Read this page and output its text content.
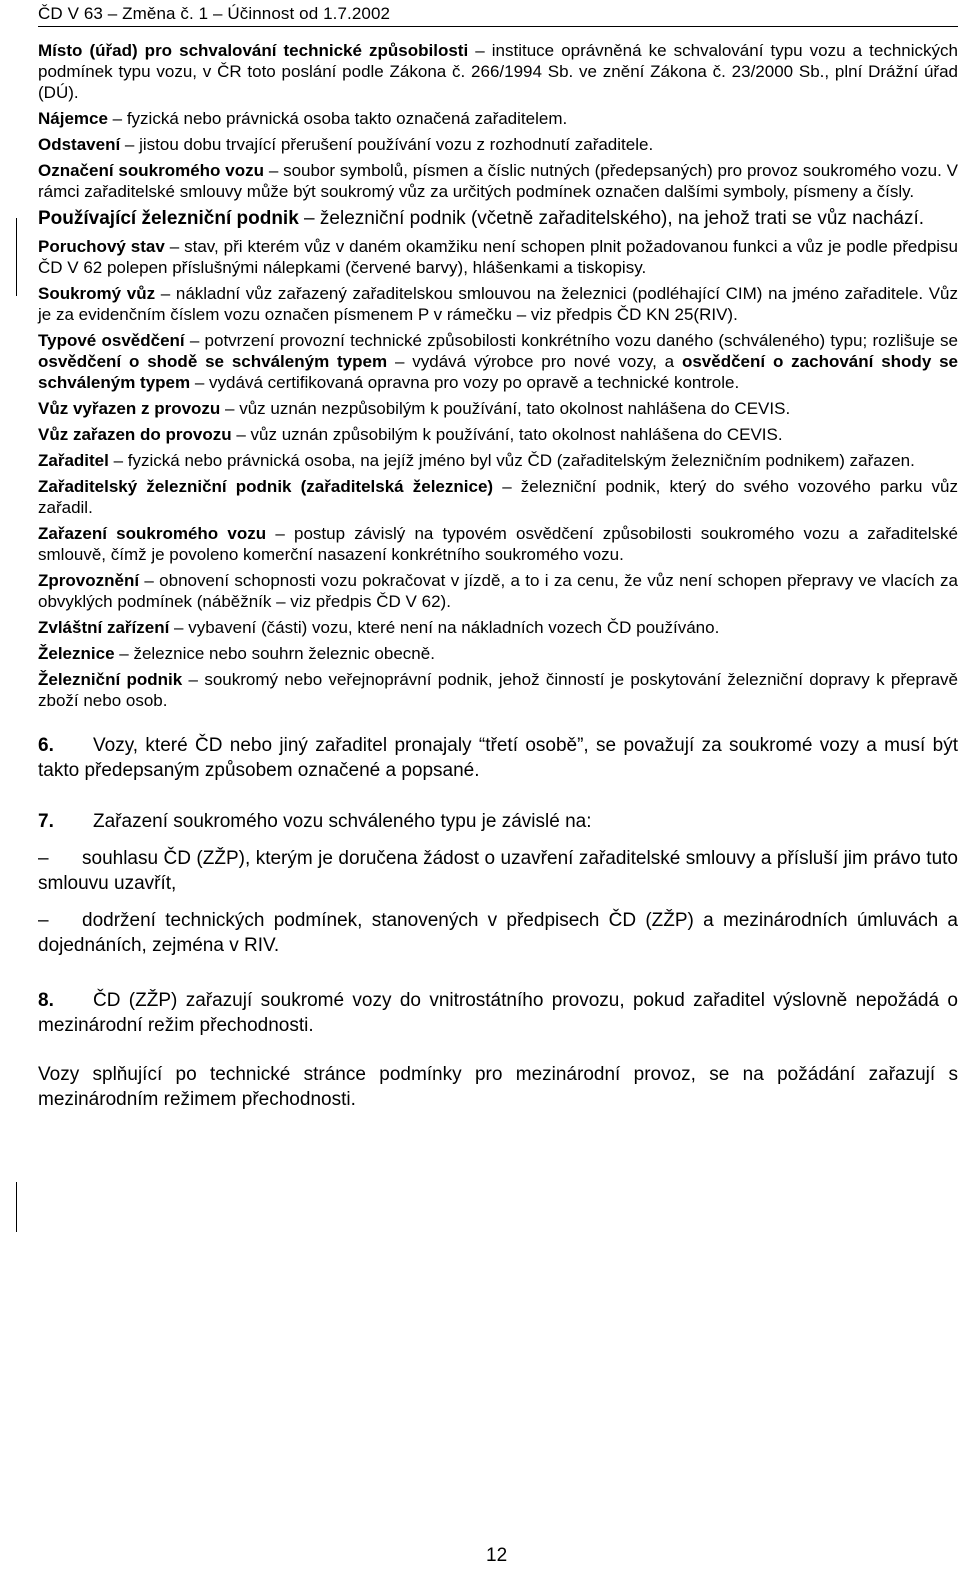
ČD V 63 – Změna č. 1 – Účinnost od 1.7.2002

Místo (úřad) pro schvalování technické způsobilosti – instituce oprávněná ke schvalování typu vozu a technických podmínek typu vozu, v ČR toto poslání podle Zákona č. 266/1994 Sb. ve znění Zákona č. 23/2000 Sb., plní Drážní úřad (DÚ).

Nájemce – fyzická nebo právnická osoba takto označená zařaditelem.

Odstavení – jistou dobu trvající přerušení používání vozu z rozhodnutí zařaditele.

Označení soukromého vozu – soubor symbolů, písmen a číslic nutných (předepsaných) pro provoz soukromého vozu. V rámci zařaditelské smlouvy může být soukromý vůz za určitých podmínek označen dalšími symboly, písmeny a čísly.

Používající železniční podnik – železniční podnik (včetně zařaditelského), na jehož trati se vůz nachází.

Poruchový stav – stav, při kterém vůz v daném okamžiku není schopen plnit požadovanou funkci a vůz je podle předpisu ČD V 62 polepen příslušnými nálepkami (červené barvy), hlášenkami a tiskopisy.

Soukromý vůz – nákladní vůz zařazený zařaditelskou smlouvou na železnici (podléhající CIM) na jméno zařaditele. Vůz je za evidenčním číslem vozu označen písmenem P v rámečku – viz předpis ČD KN 25(RIV).

Typové osvědčení – potvrzení provozní technické způsobilosti konkrétního vozu daného (schváleného) typu; rozlišuje se osvědčení o shodě se schváleným typem – vydává výrobce pro nové vozy, a osvědčení o zachování shody se schváleným typem – vydává certifikovaná opravna pro vozy po opravě a technické kontrole.

Vůz vyřazen z provozu – vůz uznán nezpůsobilým k používání, tato okolnost nahlášena do CEVIS.

Vůz zařazen do provozu – vůz uznán způsobilým k používání, tato okolnost nahlášena do CEVIS.

Zařaditel – fyzická nebo právnická osoba, na jejíž jméno byl vůz ČD (zařaditelským železničním podnikem) zařazen.

Zařaditelský železniční podnik (zařaditelská železnice) – železniční podnik, který do svého vozového parku vůz zařadil.

Zařazení soukromého vozu – postup závislý na typovém osvědčení způsobilosti soukromého vozu a zařaditelské smlouvě, čímž je povoleno komerční nasazení konkrétního soukromého vozu.

Zprovoznění – obnovení schopnosti vozu pokračovat v jízdě, a to i za cenu, že vůz není schopen přepravy ve vlacích za obvyklých podmínek (náběžník – viz předpis ČD V 62).

Zvláštní zařízení – vybavení (části) vozu, které není na nákladních vozech ČD používáno.

Železnice – železnice nebo souhrn železnic obecně.

Železniční podnik – soukromý nebo veřejnoprávní podnik, jehož činností je poskytování železniční dopravy k přepravě zboží nebo osob.

6. Vozy, které ČD nebo jiný zařaditel pronajaly “třetí osobě”, se považují za soukromé vozy a musí být takto předepsaným způsobem označené a popsané.

7. Zařazení soukromého vozu schváleného typu je závislé na:

– souhlasu ČD (ZŽP), kterým je doručena žádost o uzavření zařaditelské smlouvy a přísluší jim právo tuto smlouvu uzavřít,

– dodržení technických podmínek, stanovených v předpisech ČD (ZŽP) a mezinárodních úmluvách a dojednáních, zejména v RIV.

8. ČD (ZŽP) zařazují soukromé vozy do vnitrostátního provozu, pokud zařaditel výslovně nepožádá o mezinárodní režim přechodnosti.

Vozy splňující po technické stránce podmínky pro mezinárodní provoz, se na požádání zařazují s mezinárodním režimem přechodnosti.

12
